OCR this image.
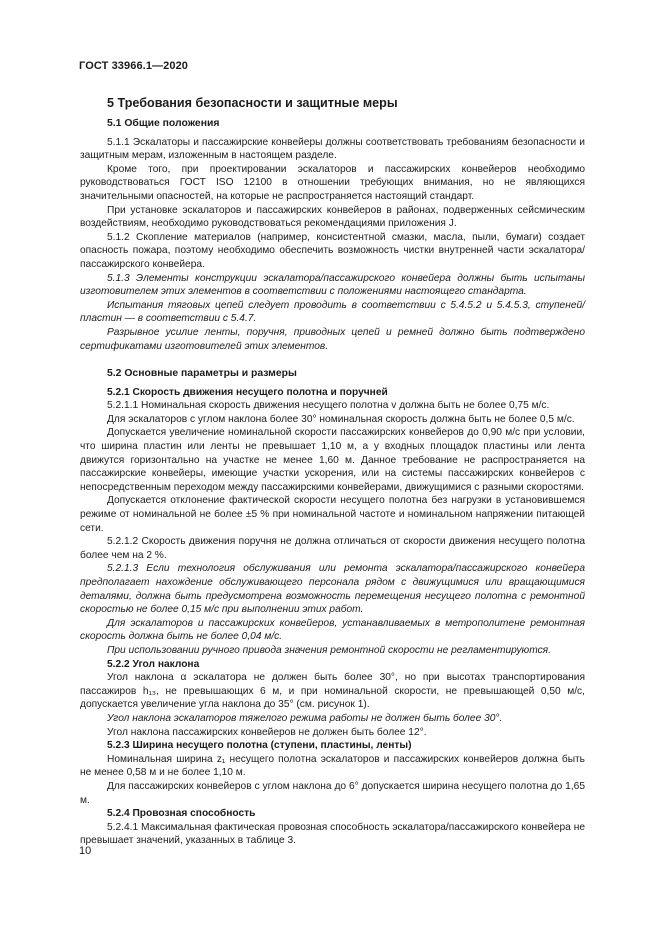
ГОСТ 33966.1—2020
5 Требования безопасности и защитные меры
5.1 Общие положения
5.1.1 Эскалаторы и пассажирские конвейеры должны соответствовать требованиям безопасности и защитным мерам, изложенным в настоящем разделе.
Кроме того, при проектировании эскалаторов и пассажирских конвейеров необходимо руководствоваться ГОСТ ISO 12100 в отношении требующих внимания, но не являющихся значительными опасностей, на которые не распространяется настоящий стандарт.
При установке эскалаторов и пассажирских конвейеров в районах, подверженных сейсмическим воздействиям, необходимо руководствоваться рекомендациями приложения J.
5.1.2 Скопление материалов (например, консистентной смазки, масла, пыли, бумаги) создает опасность пожара, поэтому необходимо обеспечить возможность чистки внутренней части эскалатора/пассажирского конвейера.
5.1.3 Элементы конструкции эскалатора/пассажирского конвейера должны быть испытаны изготовителем этих элементов в соответствии с положениями настоящего стандарта.
Испытания тяговых цепей следует проводить в соответствии с 5.4.5.2 и 5.4.5.3, ступеней/пластин — в соответствии с 5.4.7.
Разрывное усилие ленты, поручня, приводных цепей и ремней должно быть подтверждено сертификатами изготовителей этих элементов.
5.2 Основные параметры и размеры
5.2.1 Скорость движения несущего полотна и поручней
5.2.1.1 Номинальная скорость движения несущего полотна v должна быть не более 0,75 м/с.
Для эскалаторов с углом наклона более 30° номинальная скорость должна быть не более 0,5 м/с.
Допускается увеличение номинальной скорости пассажирских конвейеров до 0,90 м/с при условии, что ширина пластин или ленты не превышает 1,10 м, а у входных площадок пластины или лента движутся горизонтально на участке не менее 1,60 м. Данное требование не распространяется на пассажирские конвейеры, имеющие участки ускорения, или на системы пассажирских конвейеров с непосредственным переходом между пассажирскими конвейерами, движущимися с разными скоростями.
Допускается отклонение фактической скорости несущего полотна без нагрузки в установившемся режиме от номинальной не более ±5 % при номинальной частоте и номинальном напряжении питающей сети.
5.2.1.2 Скорость движения поручня не должна отличаться от скорости движения несущего полотна более чем на 2 %.
5.2.1.3 Если технология обслуживания или ремонта эскалатора/пассажирского конвейера предполагает нахождение обслуживающего персонала рядом с движущимися или вращающимися деталями, должна быть предусмотрена возможность перемещения несущего полотна с ремонтной скоростью не более 0,15 м/с при выполнении этих работ.
Для эскалаторов и пассажирских конвейеров, устанавливаемых в метрополитене ремонтная скорость должна быть не более 0,04 м/с.
При использовании ручного привода значения ремонтной скорости не регламентируются.
5.2.2 Угол наклона
Угол наклона α эскалатора не должен быть более 30°, но при высотах транспортирования пассажиров h₁₃, не превышающих 6 м, и при номинальной скорости, не превышающей 0,50 м/с, допускается увеличение угла наклона до 35° (см. рисунок 1).
Угол наклона эскалаторов тяжелого режима работы не должен быть более 30°.
Угол наклона пассажирских конвейеров не должен быть более 12°.
5.2.3 Ширина несущего полотна (ступени, пластины, ленты)
Номинальная ширина z₁ несущего полотна эскалаторов и пассажирских конвейеров должна быть не менее 0,58 м и не более 1,10 м.
Для пассажирских конвейеров с углом наклона до 6° допускается ширина несущего полотна до 1,65 м.
5.2.4 Провозная способность
5.2.4.1 Максимальная фактическая провозная способность эскалатора/пассажирского конвейера не превышает значений, указанных в таблице 3.
10
